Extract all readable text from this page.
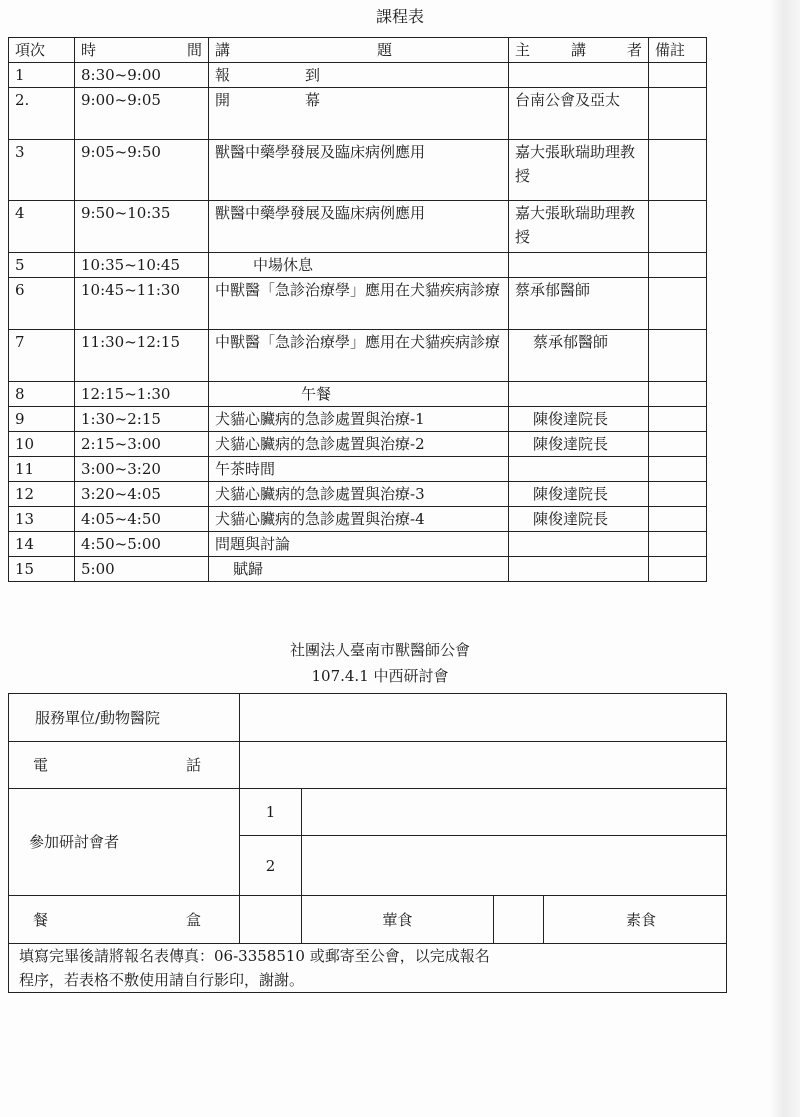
課程表
項次	時 間	講 題	主 講 者	備註
1	8:30~9:00	報　　　　　到		
2.	9:00~9:05	開　　　　　幕	台南公會及亞太	
3	9:05~9:50	獸醫中藥學發展及臨床病例應用	嘉大張耿瑞助理教授	
4	9:50~10:35	獸醫中藥學發展及臨床病例應用	嘉大張耿瑞助理教授	
5	10:35~10:45	中場休息		
6	10:45~11:30	中獸醫「急診治療學」應用在犬貓疾病診療	蔡承郁醫師	
7	11:30~12:15	中獸醫「急診治療學」應用在犬貓疾病診療	蔡承郁醫師	
8	12:15~1:30	午餐		
9	1:30~2:15	犬貓心臟病的急診處置與治療-1	陳俊達院長	
10	2:15~3:00	犬貓心臟病的急診處置與治療-2	陳俊達院長	
11	3:00~3:20	午茶時間		
12	3:20~4:05	犬貓心臟病的急診處置與治療-3	陳俊達院長	
13	4:05~4:50	犬貓心臟病的急診處置與治療-4	陳俊達院長	
14	4:50~5:00	問題與討論		
15	5:00	賦歸		
社團法人臺南市獸醫師公會
107.4.1 中西研討會
服務單位/動物醫院				

電 話				

參加研討會者	1			
	2			

餐 盒		葷食		素食

填寫完畢後請將報名表傳真：06-3358510 或郵寄至公會，以完成報名
程序，若表格不敷使用請自行影印，謝謝。				
